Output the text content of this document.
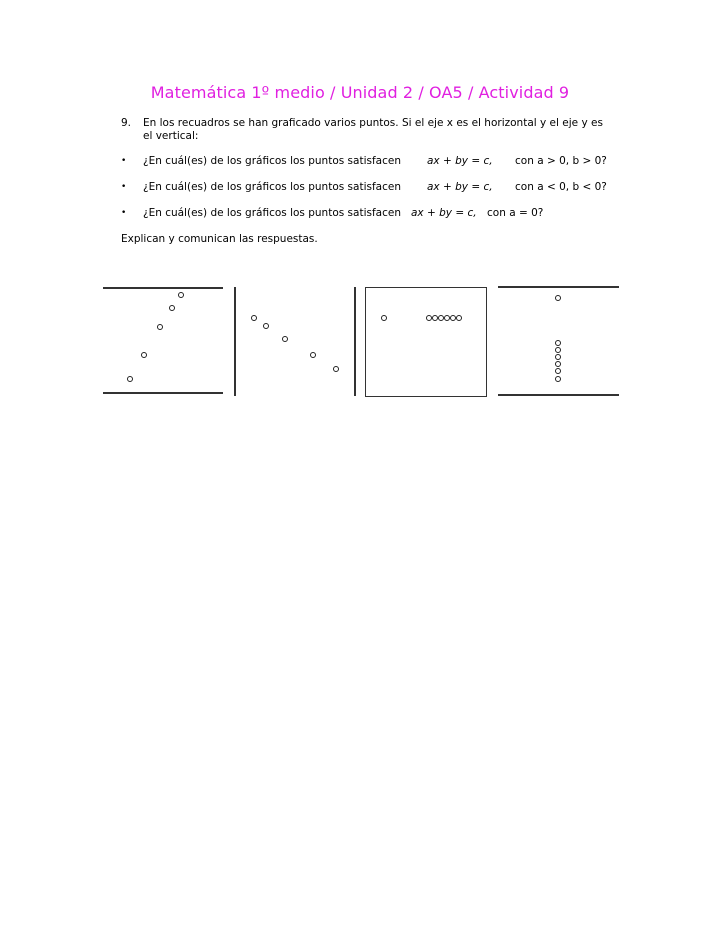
Matemática 1º medio / Unidad 2 / OA5 / Actividad 9
9. En los recuadros se han graficado varios puntos. Si el eje x es el horizontal y el eje y es
el vertical:
• ¿En cuál(es) de los gráficos los puntos satisfacen ax + by = c, con a > 0, b > 0?
• ¿En cuál(es) de los gráficos los puntos satisfacen ax + by = c, con a < 0, b < 0?
• ¿En cuál(es) de los gráficos los puntos satisfacen ax + by = c, con a = 0?
Explican y comunican las respuestas.
